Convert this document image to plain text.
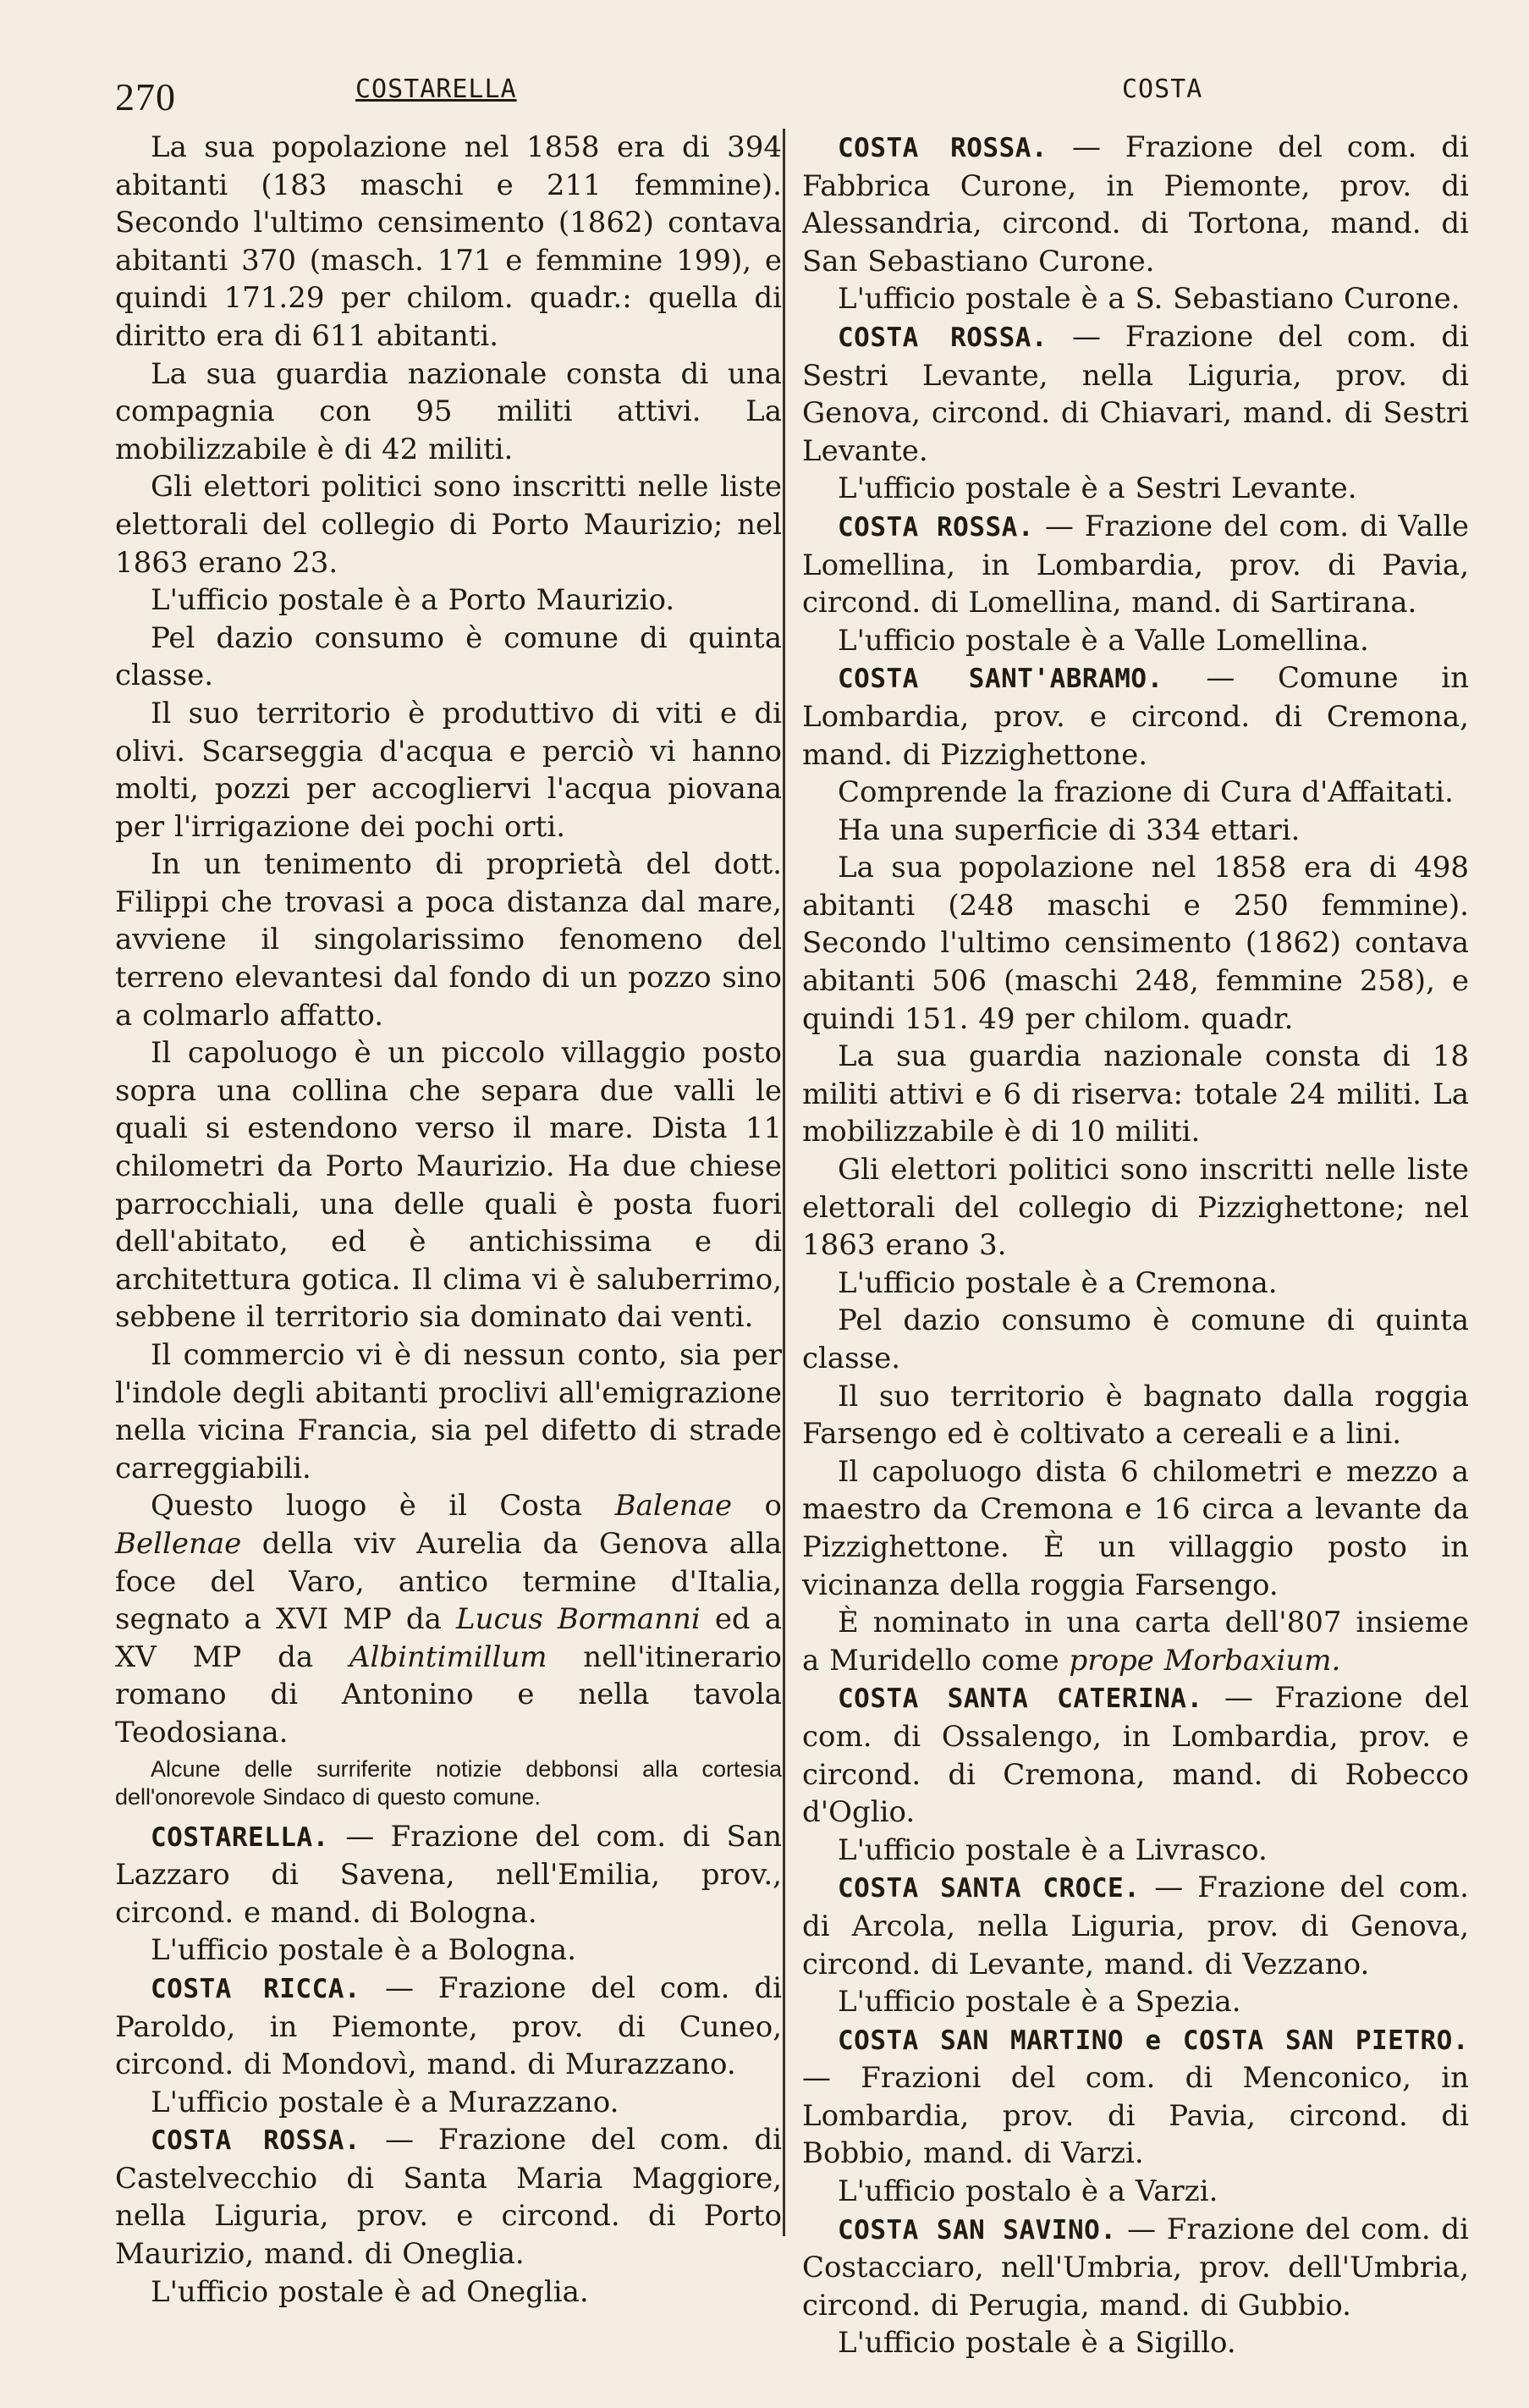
270	COSTARELLA	COSTA

La sua popolazione nel 1858 era di 394 abitanti (183 maschi e 211 femmine). Secondo l'ultimo censimento (1862) contava abitanti 370 (masch. 171 e femmine 199), e quindi 171.29 per chilom. quadr.: quella di diritto era di 611 abitanti.

La sua guardia nazionale consta di una compagnia con 95 militi attivi. La mobilizzabile è di 42 militi.

Gli elettori politici sono inscritti nelle liste elettorali del collegio di Porto Maurizio; nel 1863 erano 23.

L'ufficio postale è a Porto Maurizio.

Pel dazio consumo è comune di quinta classe.

Il suo territorio è produttivo di viti e di olivi. Scarseggia d'acqua e perciò vi hanno molti, pozzi per accogliervi l'acqua piovana per l'irrigazione dei pochi orti.

In un tenimento di proprietà del dott. Filippi che trovasi a poca distanza dal mare, avviene il singolarissimo fenomeno del terreno elevantesi dal fondo di un pozzo sino a colmarlo affatto.

Il capoluogo è un piccolo villaggio posto sopra una collina che separa due valli le quali si estendono verso il mare. Dista 11 chilometri da Porto Maurizio. Ha due chiese parrocchiali, una delle quali è posta fuori dell'abitato, ed è antichissima e di architettura gotica. Il clima vi è saluberrimo, sebbene il territorio sia dominato dai venti.

Il commercio vi è di nessun conto, sia per l'indole degli abitanti proclivi all'emigrazione nella vicina Francia, sia pel difetto di strade carreggiabili.

Questo luogo è il Costa Balenae o Bellenae della viv Aurelia da Genova alla foce del Varo, antico termine d'Italia, segnato a XVI MP da Lucus Bormanni ed a XV MP da Albintimillum nell'itinerario romano di Antonino e nella tavola Teodosiana.

Alcune delle surriferite notizie debbonsi alla cortesia dell'onorevole Sindaco di questo comune.

COSTARELLA. — Frazione del com. di San Lazzaro di Savena, nell'Emilia, prov., circond. e mand. di Bologna.

L'ufficio postale è a Bologna.

COSTA RICCA. — Frazione del com. di Paroldo, in Piemonte, prov. di Cuneo, circond. di Mondovì, mand. di Murazzano.

L'ufficio postale è a Murazzano.

COSTA ROSSA. — Frazione del com. di Castelvecchio di Santa Maria Maggiore, nella Liguria, prov. e circond. di Porto Maurizio, mand. di Oneglia.

L'ufficio postale è ad Oneglia.

COSTA ROSSA. — Frazione del com. di Fabbrica Curone, in Piemonte, prov. di Alessandria, circond. di Tortona, mand. di San Sebastiano Curone.

L'ufficio postale è a S. Sebastiano Curone.

COSTA ROSSA. — Frazione del com. di Sestri Levante, nella Liguria, prov. di Genova, circond. di Chiavari, mand. di Sestri Levante.

L'ufficio postale è a Sestri Levante.

COSTA ROSSA. — Frazione del com. di Valle Lomellina, in Lombardia, prov. di Pavia, circond. di Lomellina, mand. di Sartirana.

L'ufficio postale è a Valle Lomellina.

COSTA SANT'ABRAMO. — Comune in Lombardia, prov. e circond. di Cremona, mand. di Pizzighettone.

Comprende la frazione di Cura d'Affaitati.

Ha una superficie di 334 ettari.

La sua popolazione nel 1858 era di 498 abitanti (248 maschi e 250 femmine). Secondo l'ultimo censimento (1862) contava abitanti 506 (maschi 248, femmine 258), e quindi 151. 49 per chilom. quadr.

La sua guardia nazionale consta di 18 militi attivi e 6 di riserva: totale 24 militi. La mobilizzabile è di 10 militi.

Gli elettori politici sono inscritti nelle liste elettorali del collegio di Pizzighettone; nel 1863 erano 3.

L'ufficio postale è a Cremona.

Pel dazio consumo è comune di quinta classe.

Il suo territorio è bagnato dalla roggia Farsengo ed è coltivato a cereali e a lini.

Il capoluogo dista 6 chilometri e mezzo a maestro da Cremona e 16 circa a levante da Pizzighettone. È un villaggio posto in vicinanza della roggia Farsengo.

È nominato in una carta dell'807 insieme a Muridello come prope Morbaxium.

COSTA SANTA CATERINA. — Frazione del com. di Ossalengo, in Lombardia, prov. e circond. di Cremona, mand. di Robecco d'Oglio.

L'ufficio postale è a Livrasco.

COSTA SANTA CROCE. — Frazione del com. di Arcola, nella Liguria, prov. di Genova, circond. di Levante, mand. di Vezzano.

L'ufficio postale è a Spezia.

COSTA SAN MARTINO e COSTA SAN PIETRO. — Frazioni del com. di Menconico, in Lombardia, prov. di Pavia, circond. di Bobbio, mand. di Varzi.

L'ufficio postalo è a Varzi.

COSTA SAN SAVINO. — Frazione del com. di Costacciaro, nell'Umbria, prov. dell'Umbria, circond. di Perugia, mand. di Gubbio.

L'ufficio postale è a Sigillo.
